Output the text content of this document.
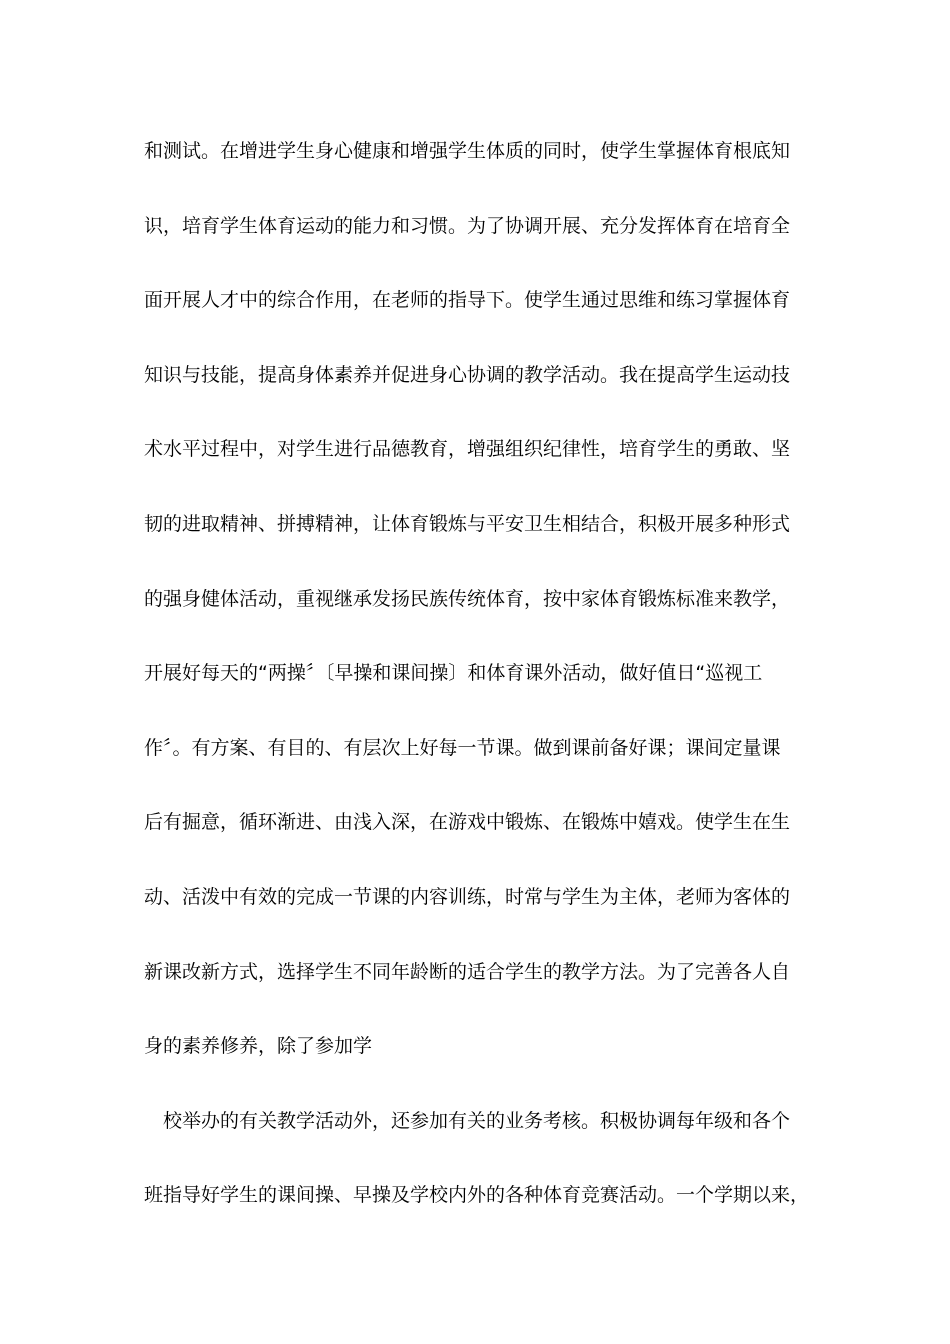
和测试。在增进学生身心健康和增强学生体质的同时，使学生掌握体育根底知
识，培育学生体育运动的能力和习惯。为了协调开展、充分发挥体育在培育全
面开展人才中的综合作用，在老师的指导下。使学生通过思维和练习掌握体育
知识与技能，提高身体素养并促进身心协调的教学活动。我在提高学生运动技
术水平过程中，对学生进行品德教育，增强组织纪律性，培育学生的勇敢、坚
韧的进取精神、拼搏精神，让体育锻炼与平安卫生相结合，积极开展多种形式
的强身健体活动，重视继承发扬民族传统体育，按中家体育锻炼标准来教学，
开展好每天的“两操〞〔早操和课间操〕和体育课外活动，做好值日“巡视工
作〞。有方案、有目的、有层次上好每一节课。做到课前备好课；课间定量课
后有掘意，循环渐进、由浅入深，在游戏中锻炼、在锻炼中嬉戏。使学生在生
动、活泼中有效的完成一节课的内容训练，时常与学生为主体，老师为客体的
新课改新方式，选择学生不同年龄断的适合学生的教学方法。为了完善各人自
身的素养修养，除了参加学
校举办的有关教学活动外，还参加有关的业务考核。积极协调每年级和各个
班指导好学生的课间操、早操及学校内外的各种体育竞赛活动。一个学期以来，
